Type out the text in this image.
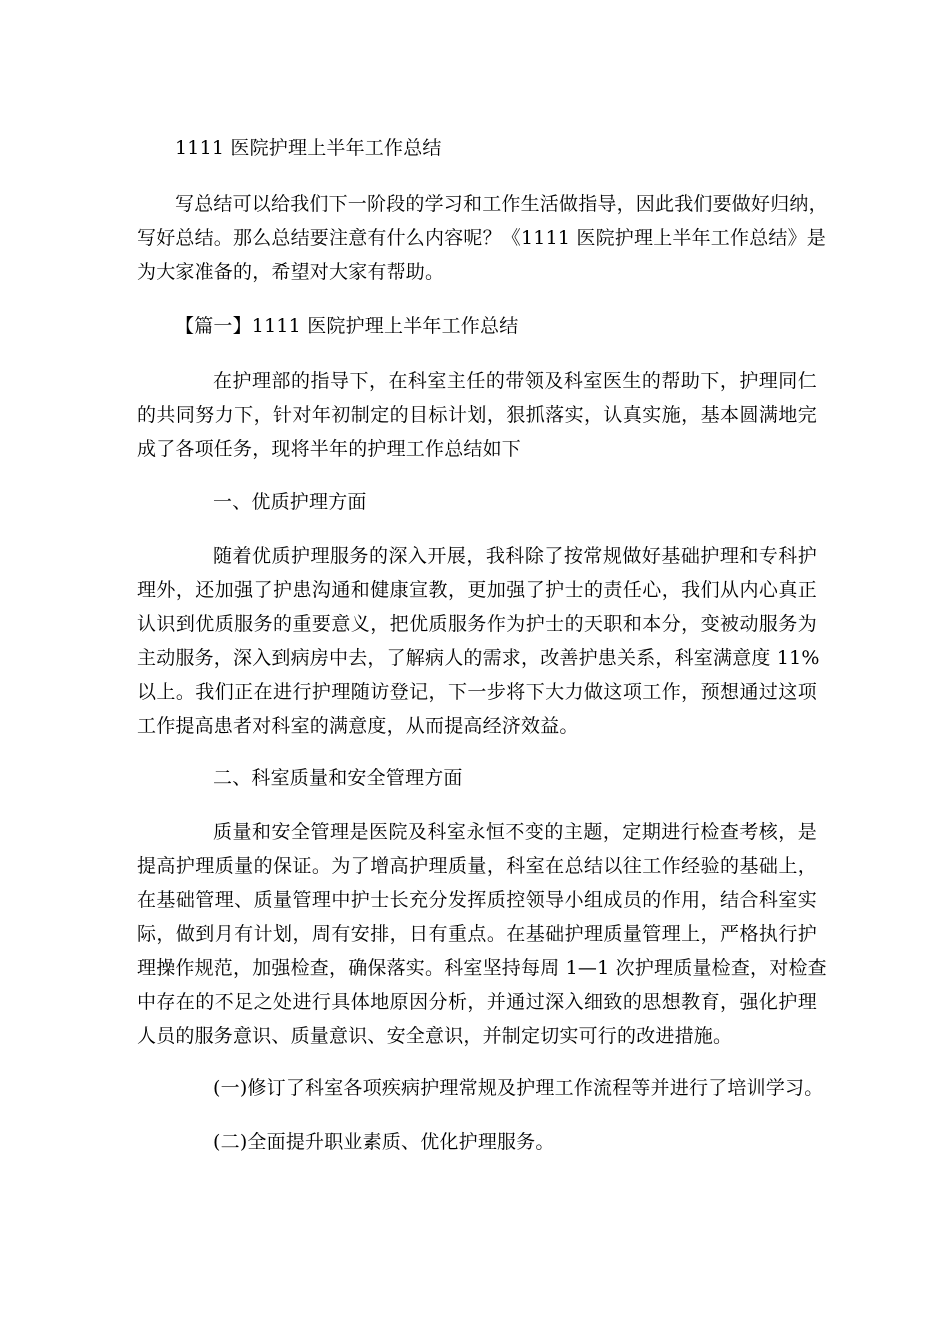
1111 医院护理上半年工作总结
写总结可以给我们下一阶段的学习和工作生活做指导，因此我们要做好归纳，
写好总结。那么总结要注意有什么内容呢？《1111 医院护理上半年工作总结》是
为大家准备的，希望对大家有帮助。
【篇一】1111 医院护理上半年工作总结
在护理部的指导下，在科室主任的带领及科室医生的帮助下，护理同仁
的共同努力下，针对年初制定的目标计划，狠抓落实，认真实施，基本圆满地完
成了各项任务，现将半年的护理工作总结如下
一、优质护理方面
随着优质护理服务的深入开展，我科除了按常规做好基础护理和专科护
理外，还加强了护患沟通和健康宣教，更加强了护士的责任心，我们从内心真正
认识到优质服务的重要意义，把优质服务作为护士的天职和本分，变被动服务为
主动服务，深入到病房中去，了解病人的需求，改善护患关系，科室满意度 11%
以上。我们正在进行护理随访登记，下一步将下大力做这项工作，预想通过这项
工作提高患者对科室的满意度，从而提高经济效益。
二、科室质量和安全管理方面
质量和安全管理是医院及科室永恒不变的主题，定期进行检查考核，是
提高护理质量的保证。为了增高护理质量，科室在总结以往工作经验的基础上，
在基础管理、质量管理中护士长充分发挥质控领导小组成员的作用，结合科室实
际，做到月有计划，周有安排，日有重点。在基础护理质量管理上，严格执行护
理操作规范，加强检查，确保落实。科室坚持每周 1—1 次护理质量检查，对检查
中存在的不足之处进行具体地原因分析，并通过深入细致的思想教育，强化护理
人员的服务意识、质量意识、安全意识，并制定切实可行的改进措施。
(一)修订了科室各项疾病护理常规及护理工作流程等并进行了培训学习。
(二)全面提升职业素质、优化护理服务。
